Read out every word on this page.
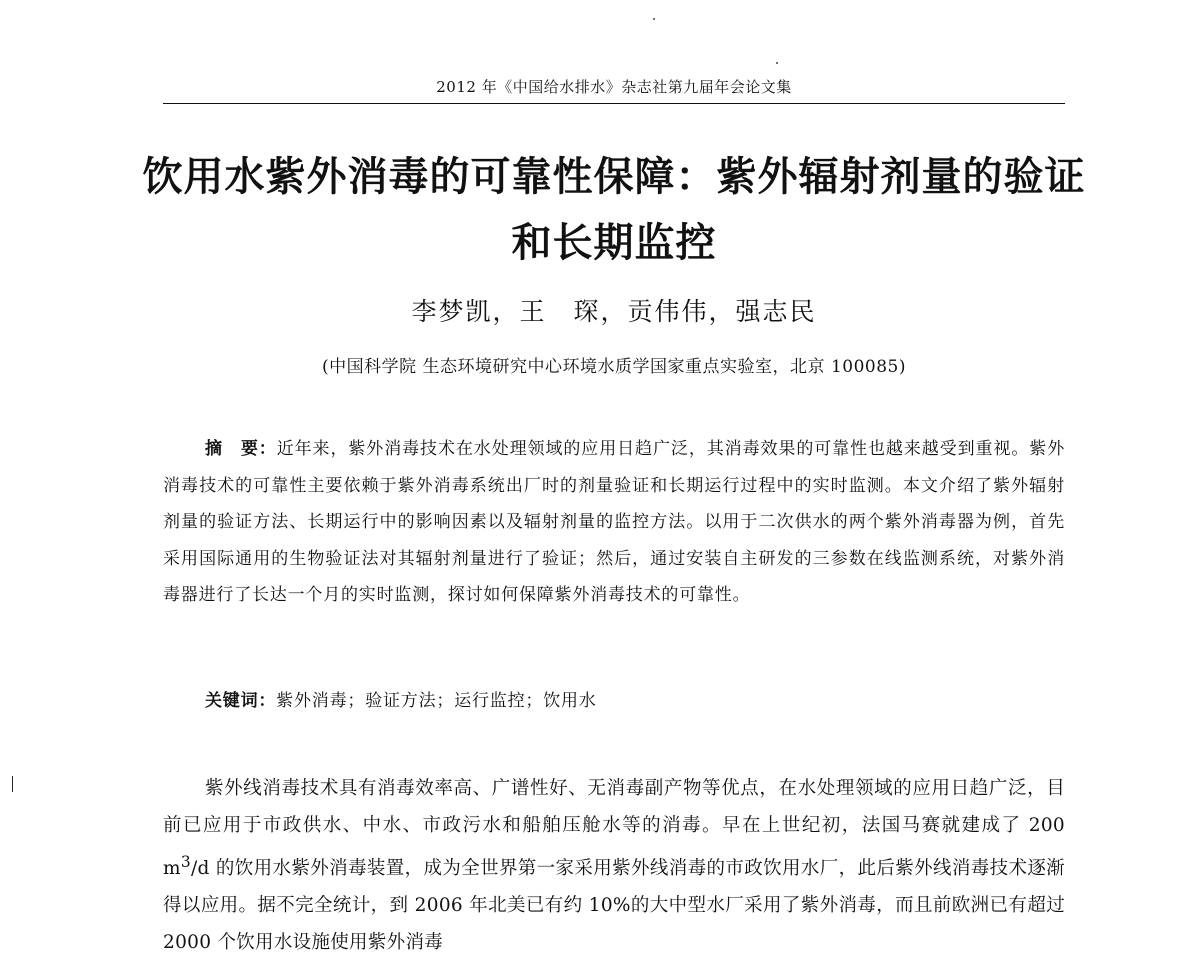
2012 年《中国给水排水》杂志社第九届年会论文集
饮用水紫外消毒的可靠性保障：紫外辐射剂量的验证和长期监控
李梦凯，王　琛，贡伟伟，强志民
(中国科学院 生态环境研究中心环境水质学国家重点实验室，北京 100085)

摘　要：近年来，紫外消毒技术在水处理领域的应用日趋广泛，其消毒效果的可靠性也越来越受到重视。紫外消毒技术的可靠性主要依赖于紫外消毒系统出厂时的剂量验证和长期运行过程中的实时监测。本文介绍了紫外辐射剂量的验证方法、长期运行中的影响因素以及辐射剂量的监控方法。以用于二次供水的两个紫外消毒器为例，首先采用国际通用的生物验证法对其辐射剂量进行了验证；然后，通过安装自主研发的三参数在线监测系统，对紫外消毒器进行了长达一个月的实时监测，探讨如何保障紫外消毒技术的可靠性。

关键词：紫外消毒；验证方法；运行监控；饮用水

紫外线消毒技术具有消毒效率高、广谱性好、无消毒副产物等优点，在水处理领域的应用日趋广泛，目前已应用于市政供水、中水、市政污水和船舶压舱水等的消毒。早在上世纪初，法国马赛就建成了 200 $m^3/d$ 的饮用水紫外消毒装置，成为全世界第一家采用紫外线消毒的市政饮用水厂，此后紫外线消毒技术逐渐得以应用。据不完全统计，到 2006 年北美已有约 10%的大中型水厂采用了紫外消毒，而且前欧洲已有超过 2000 个饮用水设施使用紫外消毒
